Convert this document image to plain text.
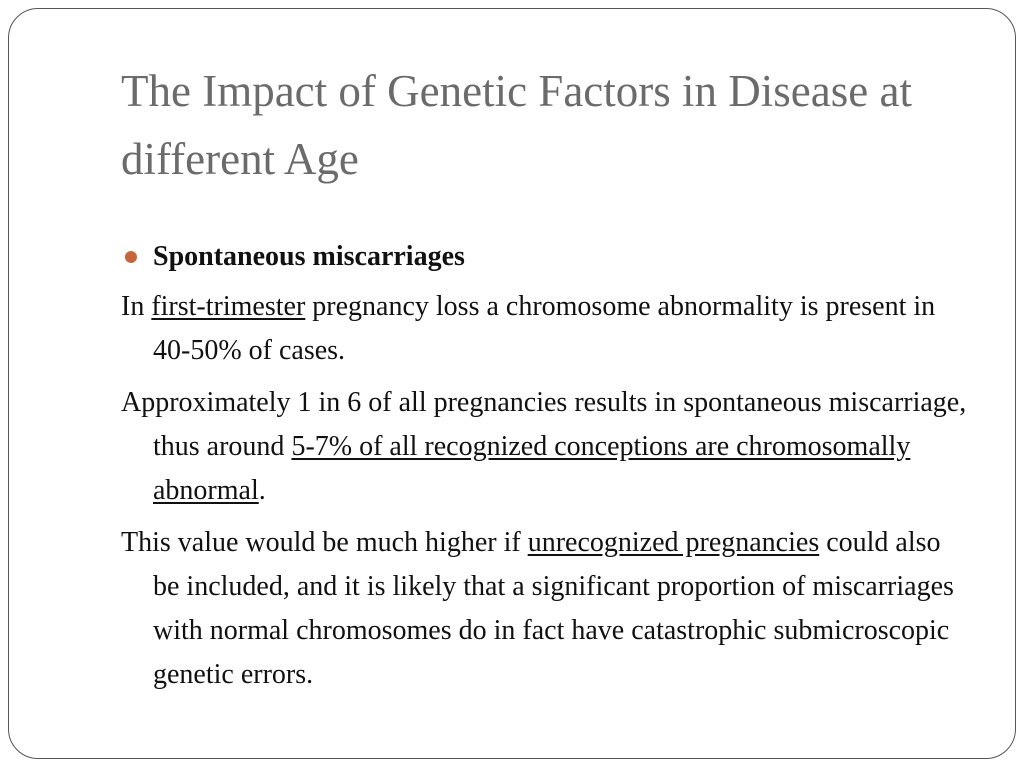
The Impact of Genetic Factors in Disease at different Age
Spontaneous miscarriages

In first-trimester pregnancy loss a chromosome abnormality is present in 40-50% of cases.

Approximately 1 in 6 of all pregnancies results in spontaneous miscarriage, thus around 5-7% of all recognized conceptions are chromosomally abnormal.

This value would be much higher if unrecognized pregnancies could also be included, and it is likely that a significant proportion of miscarriages with normal chromosomes do in fact have catastrophic submicroscopic genetic errors.
